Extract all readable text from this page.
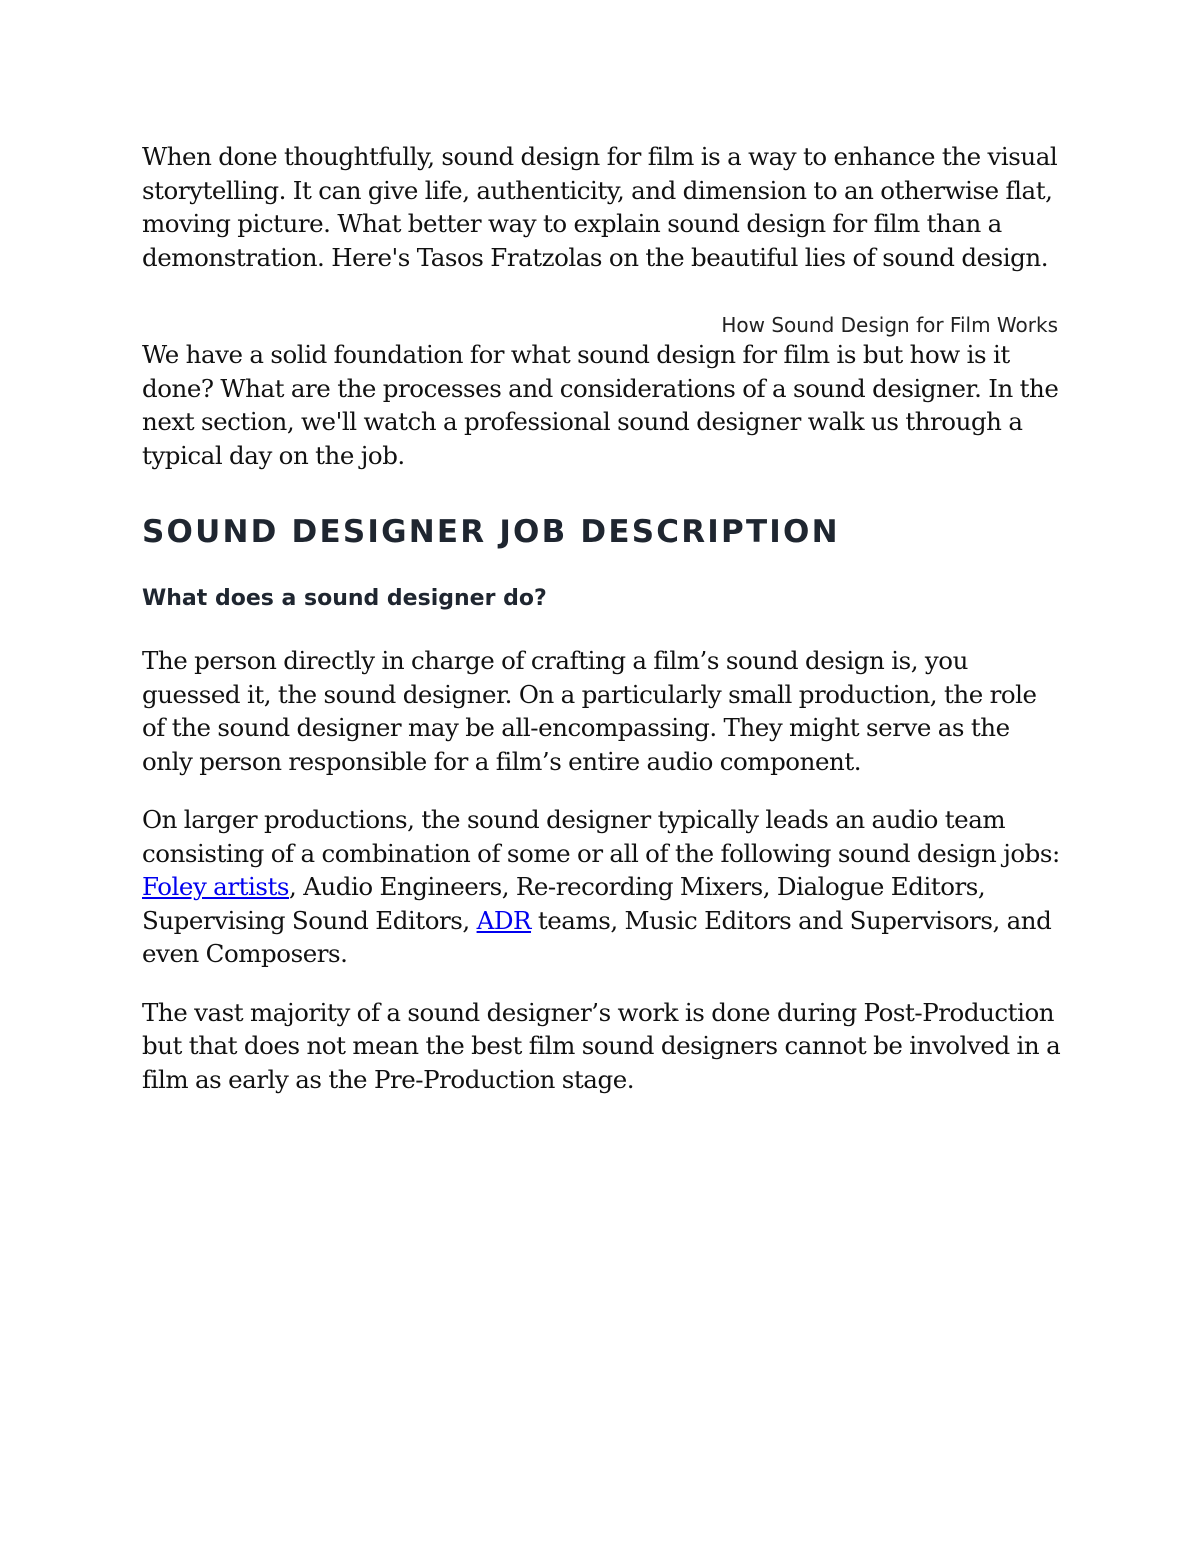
When done thoughtfully, sound design for film is a way to enhance the visual storytelling. It can give life, authenticity, and dimension to an otherwise flat, moving picture. What better way to explain sound design for film than a demonstration. Here's Tasos Fratzolas on the beautiful lies of sound design.

How Sound Design for Film Works

We have a solid foundation for what sound design for film is but how is it done? What are the processes and considerations of a sound designer. In the next section, we'll watch a professional sound designer walk us through a typical day on the job.

SOUND DESIGNER JOB DESCRIPTION
What does a sound designer do?

The person directly in charge of crafting a film’s sound design is, you guessed it, the sound designer. On a particularly small production, the role of the sound designer may be all-encompassing. They might serve as the only person responsible for a film’s entire audio component.

On larger productions, the sound designer typically leads an audio team consisting of a combination of some or all of the following sound design jobs: Foley artists, Audio Engineers, Re-recording Mixers, Dialogue Editors, Supervising Sound Editors, ADR teams, Music Editors and Supervisors, and even Composers.

The vast majority of a sound designer’s work is done during Post-Production but that does not mean the best film sound designers cannot be involved in a film as early as the Pre-Production stage.
